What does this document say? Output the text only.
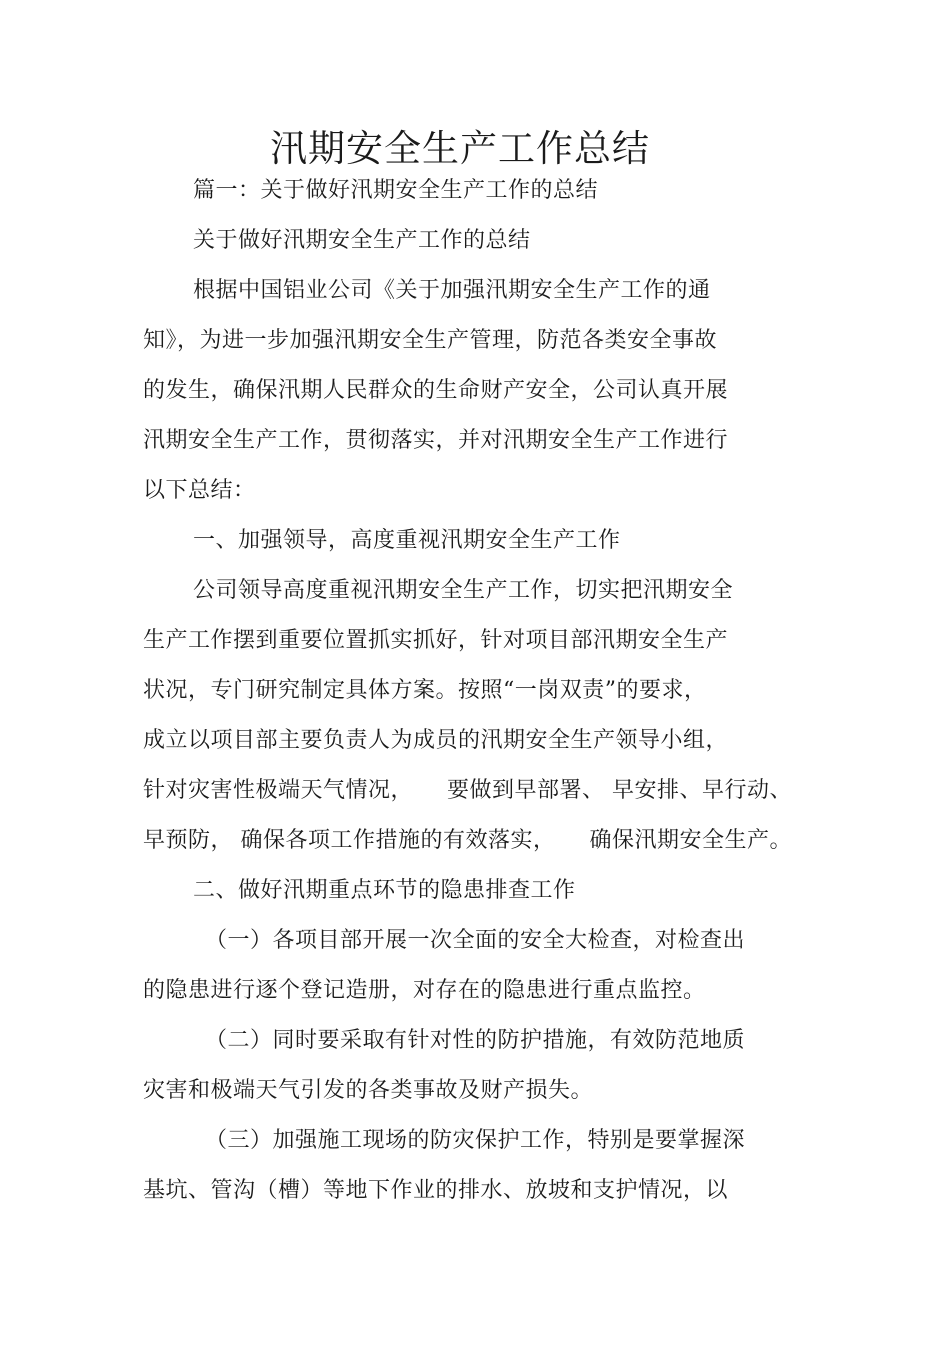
汛期安全生产工作总结
篇一：关于做好汛期安全生产工作的总结
关于做好汛期安全生产工作的总结
根据中国铝业公司《关于加强汛期安全生产工作的通
知》，为进一步加强汛期安全生产管理，防范各类安全事故
的发生，确保汛期人民群众的生命财产安全，公司认真开展
汛期安全生产工作，贯彻落实，并对汛期安全生产工作进行
以下总结：
一、加强领导，高度重视汛期安全生产工作
公司领导高度重视汛期安全生产工作，切实把汛期安全
生产工作摆到重要位置抓实抓好，针对项目部汛期安全生产
状况，专门研究制定具体方案。按照“一岗双责”的要求，
成立以项目部主要负责人为成员的汛期安全生产领导小组，
针对灾害性极端天气情况，　　要做到早部署、 早安排、早行动、
早预防， 确保各项工作措施的有效落实，　　确保汛期安全生产。
二、做好汛期重点环节的隐患排查工作
（一）各项目部开展一次全面的安全大检查，对检查出
的隐患进行逐个登记造册，对存在的隐患进行重点监控。
（二）同时要采取有针对性的防护措施，有效防范地质
灾害和极端天气引发的各类事故及财产损失。
（三）加强施工现场的防灾保护工作，特别是要掌握深
基坑、管沟（槽）等地下作业的排水、放坡和支护情况，以
